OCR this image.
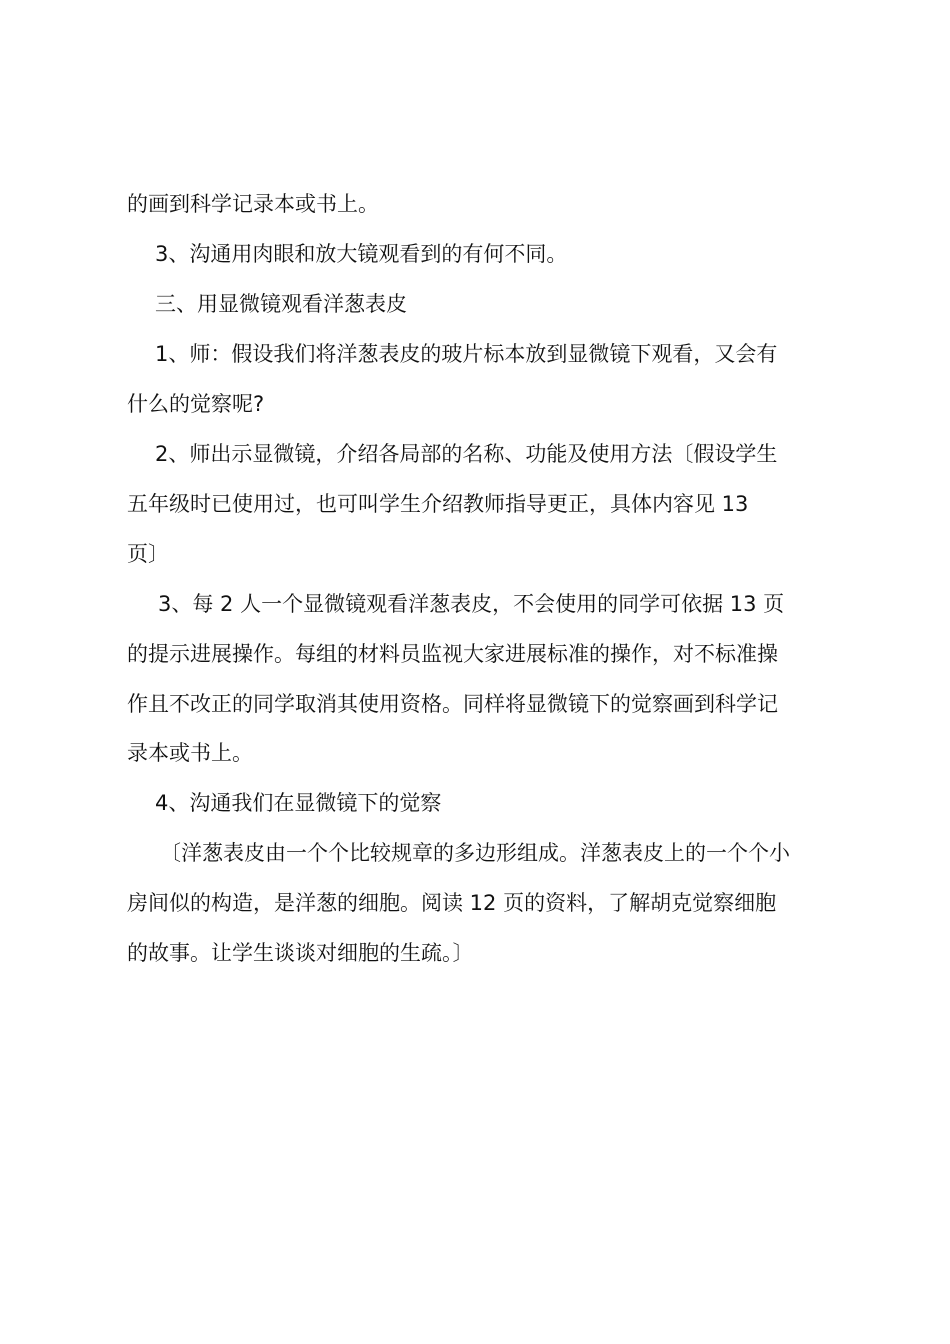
的画到科学记录本或书上。
3、沟通用肉眼和放大镜观看到的有何不同。
三、用显微镜观看洋葱表皮
1、师：假设我们将洋葱表皮的玻片标本放到显微镜下观看，又会有
什么的觉察呢?
2、师出示显微镜，介绍各局部的名称、功能及使用方法〔假设学生
五年级时已使用过，也可叫学生介绍教师指导更正，具体内容见 13
页〕
3、每 2 人一个显微镜观看洋葱表皮，不会使用的同学可依据 13 页
的提示进展操作。每组的材料员监视大家进展标准的操作，对不标准操
作且不改正的同学取消其使用资格。同样将显微镜下的觉察画到科学记
录本或书上。
4、沟通我们在显微镜下的觉察
〔洋葱表皮由一个个比较规章的多边形组成。洋葱表皮上的一个个小
房间似的构造，是洋葱的细胞。阅读 12 页的资料，了解胡克觉察细胞
的故事。让学生谈谈对细胞的生疏。〕
